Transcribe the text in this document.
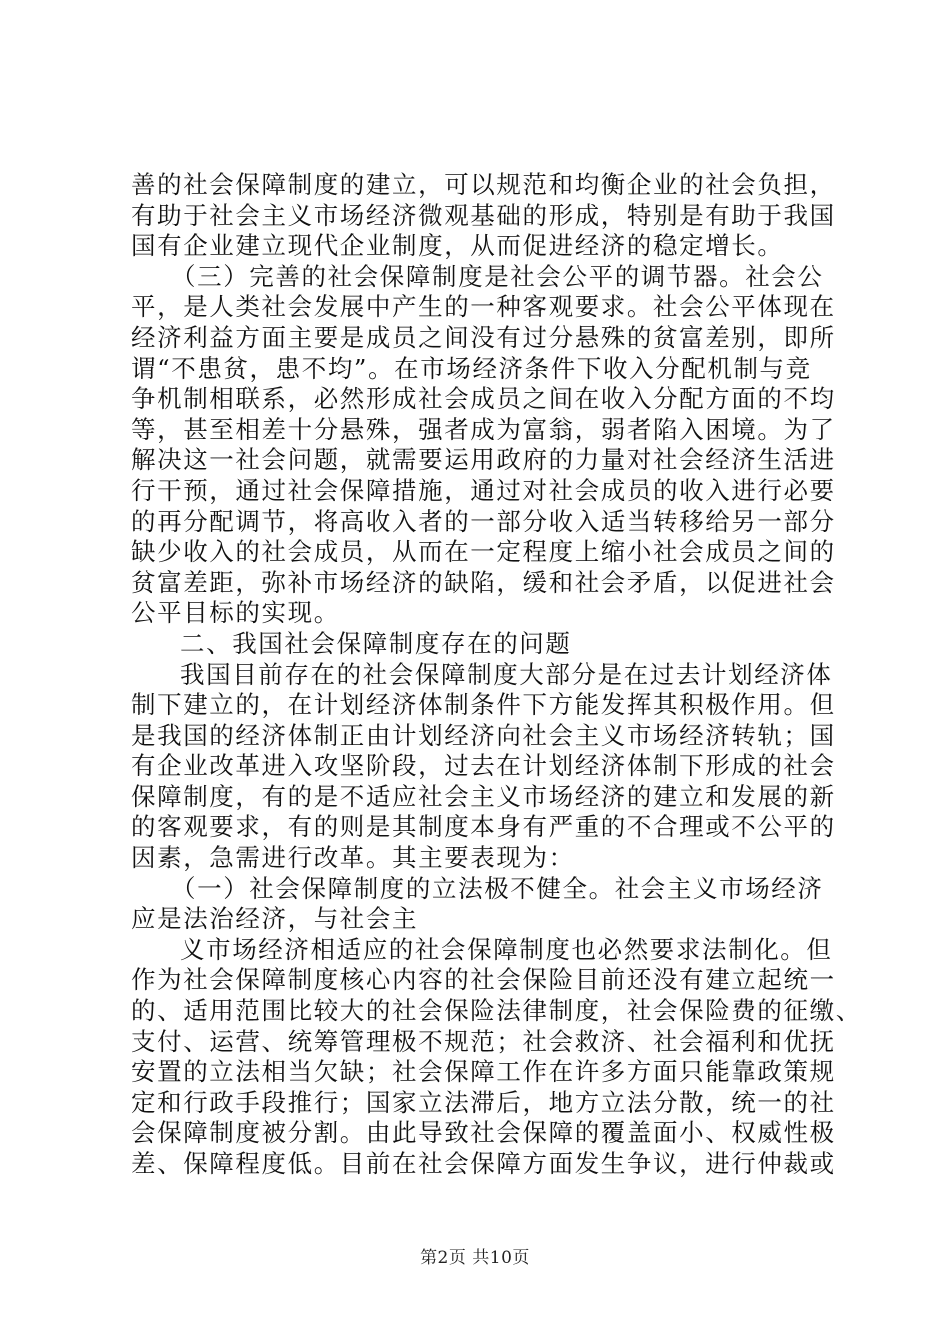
善的社会保障制度的建立，可以规范和均衡企业的社会负担，
有助于社会主义市场经济微观基础的形成，特别是有助于我国
国有企业建立现代企业制度，从而促进经济的稳定增长。
（三）完善的社会保障制度是社会公平的调节器。社会公
平，是人类社会发展中产生的一种客观要求。社会公平体现在
经济利益方面主要是成员之间没有过分悬殊的贫富差别，即所
谓“不患贫，患不均”。在市场经济条件下收入分配机制与竞
争机制相联系，必然形成社会成员之间在收入分配方面的不均
等，甚至相差十分悬殊，强者成为富翁，弱者陷入困境。为了
解决这一社会问题，就需要运用政府的力量对社会经济生活进
行干预，通过社会保障措施，通过对社会成员的收入进行必要
的再分配调节，将高收入者的一部分收入适当转移给另一部分
缺少收入的社会成员，从而在一定程度上缩小社会成员之间的
贫富差距，弥补市场经济的缺陷，缓和社会矛盾，以促进社会
公平目标的实现。
二、我国社会保障制度存在的问题
我国目前存在的社会保障制度大部分是在过去计划经济体
制下建立的，在计划经济体制条件下方能发挥其积极作用。但
是我国的经济体制正由计划经济向社会主义市场经济转轨；国
有企业改革进入攻坚阶段，过去在计划经济体制下形成的社会
保障制度，有的是不适应社会主义市场经济的建立和发展的新
的客观要求，有的则是其制度本身有严重的不合理或不公平的
因素，急需进行改革。其主要表现为：
（一）社会保障制度的立法极不健全。社会主义市场经济
应是法治经济，与社会主
义市场经济相适应的社会保障制度也必然要求法制化。但
作为社会保障制度核心内容的社会保险目前还没有建立起统一
的、适用范围比较大的社会保险法律制度，社会保险费的征缴、
支付、运营、统筹管理极不规范；社会救济、社会福利和优抚
安置的立法相当欠缺；社会保障工作在许多方面只能靠政策规
定和行政手段推行；国家立法滞后，地方立法分散，统一的社
会保障制度被分割。由此导致社会保障的覆盖面小、权威性极
差、保障程度低。目前在社会保障方面发生争议，进行仲裁或
第2页 共10页
